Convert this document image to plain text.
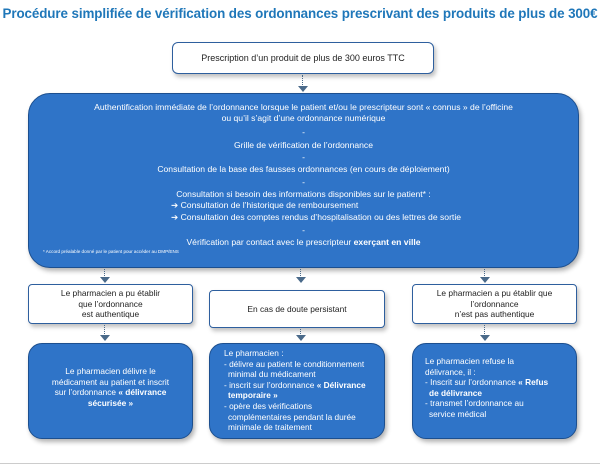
Procédure simplifiée de vérification des ordonnances prescrivant des produits de plus de 300€
Prescription d’un produit de plus de 300 euros TTC
Authentification immédiate de l’ordonnance lorsque le patient et/ou le prescripteur sont « connus » de l’officine
ou qu’il s’agit d’une ordonnance numérique
-
Grille de vérification de l’ordonnance
-
Consultation de la base des fausses ordonnances (en cours de déploiement)
-
Consultation si besoin des informations disponibles sur le patient* :
➔ Consultation de l’historique de remboursement
➔ Consultation des comptes rendus d’hospitalisation ou des lettres de sortie
-
Vérification par contact avec le prescripteur exerçant en ville
* Accord préalable donné par le patient pour accéder au DMP/ENS
Le pharmacien a pu établir
que l’ordonnance
est authentique
En cas de doute persistant
Le pharmacien a pu établir que
l’ordonnance
n’est pas authentique
Le pharmacien délivre le
médicament au patient et inscrit
sur l’ordonnance « délivrance
sécurisée »
Le pharmacien :
- délivre au patient le conditionnement
minimal du médicament
- inscrit sur l’ordonnance « Délivrance
temporaire »
- opère des vérifications
complémentaires pendant la durée
minimale de traitement
Le pharmacien refuse la
délivrance, il :
- Inscrit sur l’ordonnance « Refus
de délivrance
- transmet l’ordonnance au
service médical
